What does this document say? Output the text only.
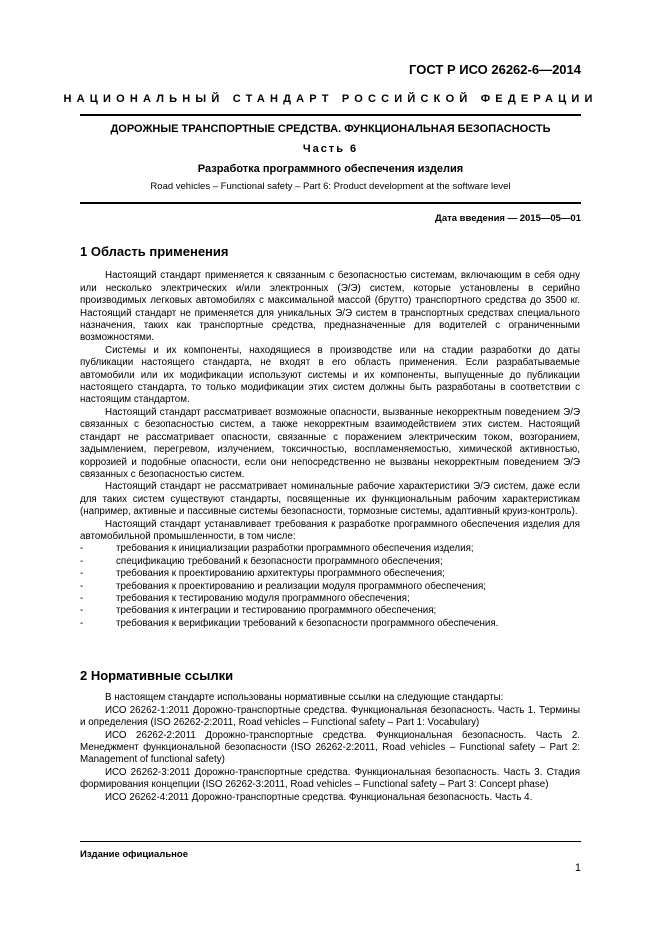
ГОСТ Р ИСО 26262-6—2014
НАЦИОНАЛЬНЫЙ СТАНДАРТ РОССИЙСКОЙ ФЕДЕРАЦИИ
ДОРОЖНЫЕ ТРАНСПОРТНЫЕ СРЕДСТВА. ФУНКЦИОНАЛЬНАЯ БЕЗОПАСНОСТЬ
Часть 6
Разработка программного обеспечения изделия
Road vehicles – Functional safety – Part 6: Product development at the software level
Дата введения — 2015—05—01
1 Область применения

Настоящий стандарт применяется к связанным с безопасностью системам, включающим в себя одну или несколько электрических и/или электронных (Э/Э) систем, которые установлены в серийно производимых легковых автомобилях с максимальной массой (брутто) транспортного средства до 3500 кг. Настоящий стандарт не применяется для уникальных Э/Э систем в транспортных средствах специального назначения, таких как транспортные средства, предназначенные для водителей с ограниченными возможностями.

Системы и их компоненты, находящиеся в производстве или на стадии разработки до даты публикации настоящего стандарта, не входят в его область применения. Если разрабатываемые автомобили или их модификации используют системы и их компоненты, выпущенные до публикации настоящего стандарта, то только модификации этих систем должны быть разработаны в соответствии с настоящим стандартом.

Настоящий стандарт рассматривает возможные опасности, вызванные некорректным поведением Э/Э связанных с безопасностью систем, а также некорректным взаимодействием этих систем. Настоящий стандарт не рассматривает опасности, связанные с поражением электрическим током, возгоранием, задымлением, перегревом, излучением, токсичностью, воспламеняемостью, химической активностью, коррозией и подобные опасности, если они непосредственно не вызваны некорректным поведением Э/Э связанных с безопасностью систем.

Настоящий стандарт не рассматривает номинальные рабочие характеристики Э/Э систем, даже если для таких систем существуют стандарты, посвященные их функциональным рабочим характеристикам (например, активные и пассивные системы безопасности, тормозные системы, адаптивный круиз-контроль).

Настоящий стандарт устанавливает требования к разработке программного обеспечения изделия для автомобильной промышленности, в том числе:

-	требования к инициализации разработки программного обеспечения изделия;
-	спецификацию требований к безопасности программного обеспечения;
-	требования к проектированию архитектуры программного обеспечения;
-	требования к проектированию и реализации модуля программного обеспечения;
-	требования к тестированию модуля программного обеспечения;
-	требования к интеграции и тестированию программного обеспечения;
-	требования к верификации требований к безопасности программного обеспечения.
2 Нормативные ссылки

В настоящем стандарте использованы нормативные ссылки на следующие стандарты:

ИСО 26262-1:2011 Дорожно-транспортные средства. Функциональная безопасность. Часть 1. Термины и определения (ISO 26262-2:2011, Road vehicles – Functional safety – Part 1: Vocabulary)

ИСО 26262-2:2011 Дорожно-транспортные средства. Функциональная безопасность. Часть 2. Менеджмент функциональной безопасности (ISO 26262-2:2011, Road vehicles – Functional safety – Part 2: Management of functional safety)

ИСО 26262-3:2011 Дорожно-транспортные средства. Функциональная безопасность. Часть 3. Стадия формирования концепции (ISO 26262-3:2011, Road vehicles – Functional safety – Part 3: Concept phase)

ИСО 26262-4:2011 Дорожно-транспортные средства. Функциональная безопасность. Часть 4.

Издание официальное
1
